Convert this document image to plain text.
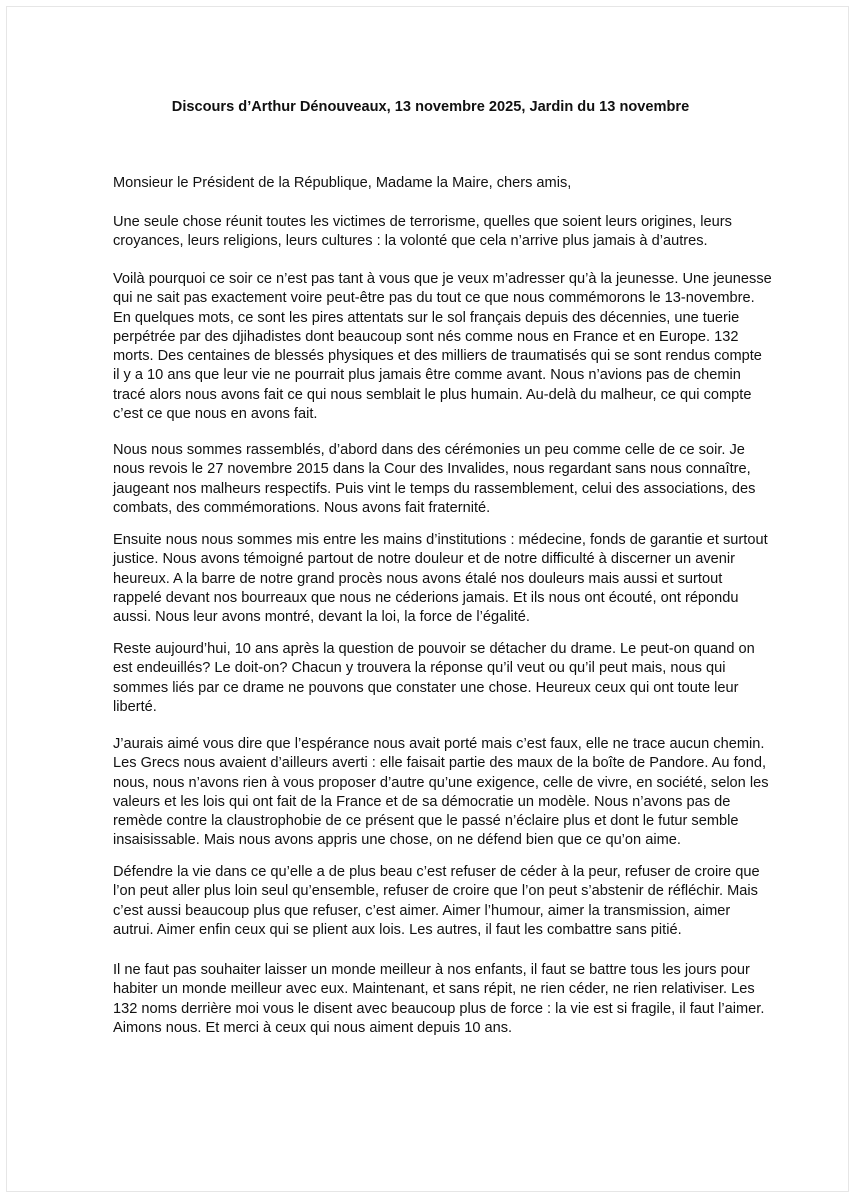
Discours d’Arthur Dénouveaux, 13 novembre 2025, Jardin du 13 novembre

Monsieur le Président de la République, Madame la Maire, chers amis,

Une seule chose réunit toutes les victimes de terrorisme, quelles que soient leurs origines, leurs
croyances, leurs religions, leurs cultures : la volonté que cela n’arrive plus jamais à d’autres.

Voilà pourquoi ce soir ce n’est pas tant à vous que je veux m’adresser qu’à la jeunesse. Une jeunesse
qui ne sait pas exactement voire peut-être pas du tout ce que nous commémorons le 13-novembre.
En quelques mots, ce sont les pires attentats sur le sol français depuis des décennies, une tuerie
perpétrée par des djihadistes dont beaucoup sont nés comme nous en France et en Europe. 132
morts. Des centaines de blessés physiques et des milliers de traumatisés qui se sont rendus compte
il y a 10 ans que leur vie ne pourrait plus jamais être comme avant. Nous n’avions pas de chemin
tracé alors nous avons fait ce qui nous semblait le plus humain. Au-delà du malheur, ce qui compte
c’est ce que nous en avons fait.

Nous nous sommes rassemblés, d’abord dans des cérémonies un peu comme celle de ce soir. Je
nous revois le 27 novembre 2015 dans la Cour des Invalides, nous regardant sans nous connaître,
jaugeant nos malheurs respectifs. Puis vint le temps du rassemblement, celui des associations, des
combats, des commémorations. Nous avons fait fraternité.

Ensuite nous nous sommes mis entre les mains d’institutions : médecine, fonds de garantie et surtout
justice. Nous avons témoigné partout de notre douleur et de notre difficulté à discerner un avenir
heureux. A la barre de notre grand procès nous avons étalé nos douleurs mais aussi et surtout
rappelé devant nos bourreaux que nous ne céderions jamais. Et ils nous ont écouté, ont répondu
aussi. Nous leur avons montré, devant la loi, la force de l’égalité.

Reste aujourd’hui, 10 ans après la question de pouvoir se détacher du drame. Le peut-on quand on
est endeuillés? Le doit-on? Chacun y trouvera la réponse qu’il veut ou qu’il peut mais, nous qui
sommes liés par ce drame ne pouvons que constater une chose. Heureux ceux qui ont toute leur
liberté.

J’aurais aimé vous dire que l’espérance nous avait porté mais c’est faux, elle ne trace aucun chemin.
Les Grecs nous avaient d’ailleurs averti : elle faisait partie des maux de la boîte de Pandore. Au fond,
nous, nous n’avons rien à vous proposer d’autre qu’une exigence, celle de vivre, en société, selon les
valeurs et les lois qui ont fait de la France et de sa démocratie un modèle. Nous n’avons pas de
remède contre la claustrophobie de ce présent que le passé n’éclaire plus et dont le futur semble
insaisissable. Mais nous avons appris une chose, on ne défend bien que ce qu’on aime.

Défendre la vie dans ce qu’elle a de plus beau c’est refuser de céder à la peur, refuser de croire que
l’on peut aller plus loin seul qu’ensemble, refuser de croire que l’on peut s’abstenir de réfléchir. Mais
c’est aussi beaucoup plus que refuser, c’est aimer. Aimer l’humour, aimer la transmission, aimer
autrui. Aimer enfin ceux qui se plient aux lois. Les autres, il faut les combattre sans pitié.

Il ne faut pas souhaiter laisser un monde meilleur à nos enfants, il faut se battre tous les jours pour
habiter un monde meilleur avec eux. Maintenant, et sans répit, ne rien céder, ne rien relativiser. Les
132 noms derrière moi vous le disent avec beaucoup plus de force : la vie est si fragile, il faut l’aimer.
Aimons nous. Et merci à ceux qui nous aiment depuis 10 ans.
